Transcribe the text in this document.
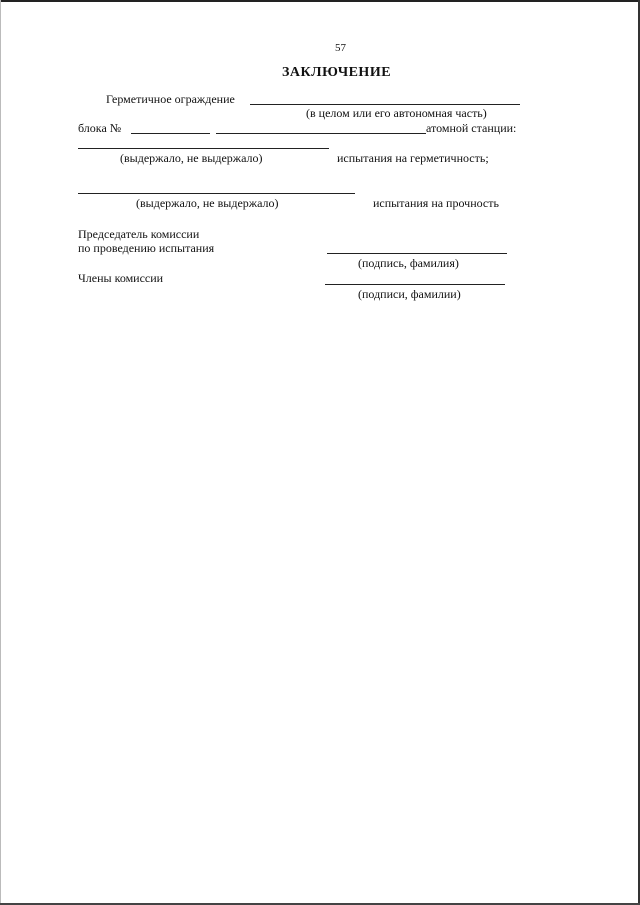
57
ЗАКЛЮЧЕНИЕ
Герметичное ограждение
(в целом или его автономная часть)
блока №	атомной станции:
(выдержало, не выдержало)	испытания на герметичность;
(выдержало, не выдержало)	испытания на прочность
Председатель комиссии
по проведению испытания
(подпись, фамилия)
Члены комиссии
(подписи, фамилии)
